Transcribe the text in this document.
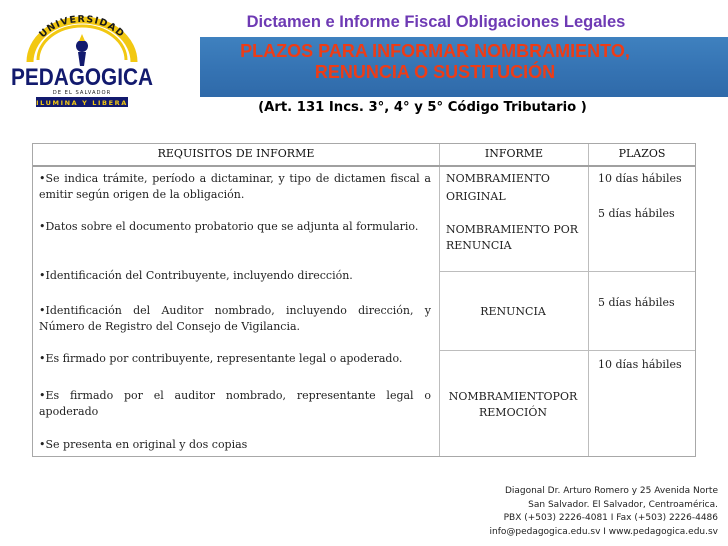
UNIVERSIDAD
PEDAGOGICA
DE EL SALVADOR
ILUMINA Y LIBERA
Dictamen e Informe Fiscal Obligaciones Legales
PLAZOS PARA INFORMAR NOMBRAMIENTO,
RENUNCIA O SUSTITUCIÓN
(Art. 131 Incs. 3°, 4° y 5° Código Tributario )
REQUISITOS DE INFORME	INFORME	PLAZOS
•Se indica trámite, período a dictaminar, y tipo de dictamen fiscal a emitir según origen de la obligación.
•Datos sobre el documento probatorio que se adjunta al formulario.
•Identificación del Contribuyente, incluyendo dirección.
•Identificación del Auditor nombrado, incluyendo dirección, y Número de Registro del Consejo de Vigilancia.
•Es firmado por contribuyente, representante legal o apoderado.
•Es firmado por el auditor nombrado, representante legal o apoderado
•Se presenta en original y dos copias
NOMBRAMIENTO
ORIGINAL
NOMBRAMIENTO POR RENUNCIA
RENUNCIA
NOMBRAMIENTOPOR REMOCIÓN
10 días hábiles
5 días hábiles
5 días hábiles
10 días hábiles
Diagonal Dr. Arturo Romero y 25 Avenida Norte
San Salvador. El Salvador, Centroamérica.
PBX (+503) 2226-4081 I Fax (+503) 2226-4486
info@pedagogica.edu.sv I www.pedagogica.edu.sv
